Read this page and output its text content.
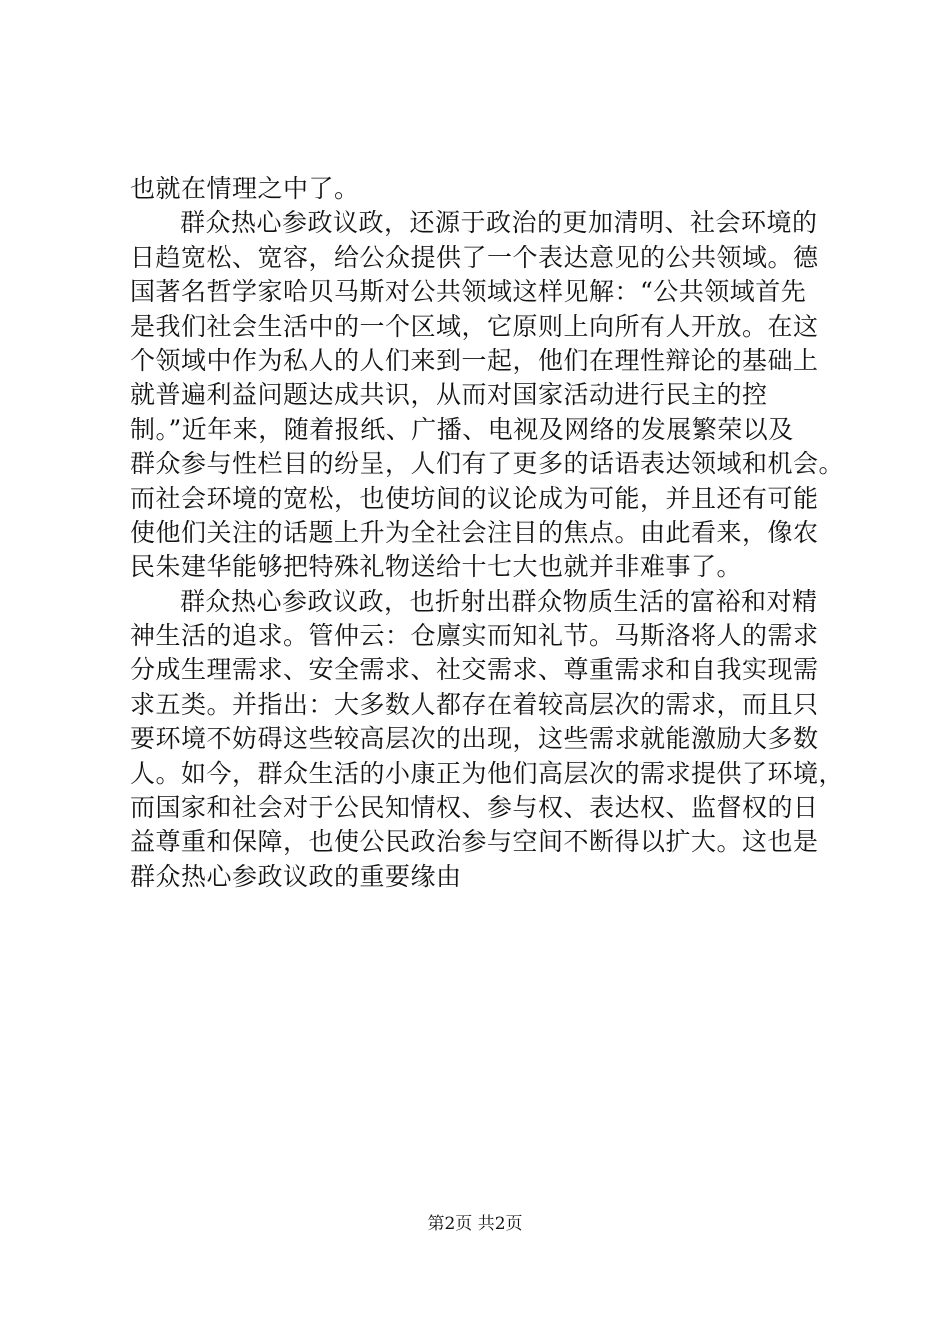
也就在情理之中了。
群众热心参政议政，还源于政治的更加清明、社会环境的
日趋宽松、宽容，给公众提供了一个表达意见的公共领域。德
国著名哲学家哈贝马斯对公共领域这样见解：“公共领域首先
是我们社会生活中的一个区域，它原则上向所有人开放。在这
个领域中作为私人的人们来到一起，他们在理性辩论的基础上
就普遍利益问题达成共识，从而对国家活动进行民主的控
制。”近年来，随着报纸、广播、电视及网络的发展繁荣以及
群众参与性栏目的纷呈，人们有了更多的话语表达领域和机会。
而社会环境的宽松，也使坊间的议论成为可能，并且还有可能
使他们关注的话题上升为全社会注目的焦点。由此看来，像农
民朱建华能够把特殊礼物送给十七大也就并非难事了。
群众热心参政议政，也折射出群众物质生活的富裕和对精
神生活的追求。管仲云：仓廪实而知礼节。马斯洛将人的需求
分成生理需求、安全需求、社交需求、尊重需求和自我实现需
求五类。并指出：大多数人都存在着较高层次的需求，而且只
要环境不妨碍这些较高层次的出现，这些需求就能激励大多数
人。如今，群众生活的小康正为他们高层次的需求提供了环境，
而国家和社会对于公民知情权、参与权、表达权、监督权的日
益尊重和保障，也使公民政治参与空间不断得以扩大。这也是
群众热心参政议政的重要缘由
第2页 共2页
